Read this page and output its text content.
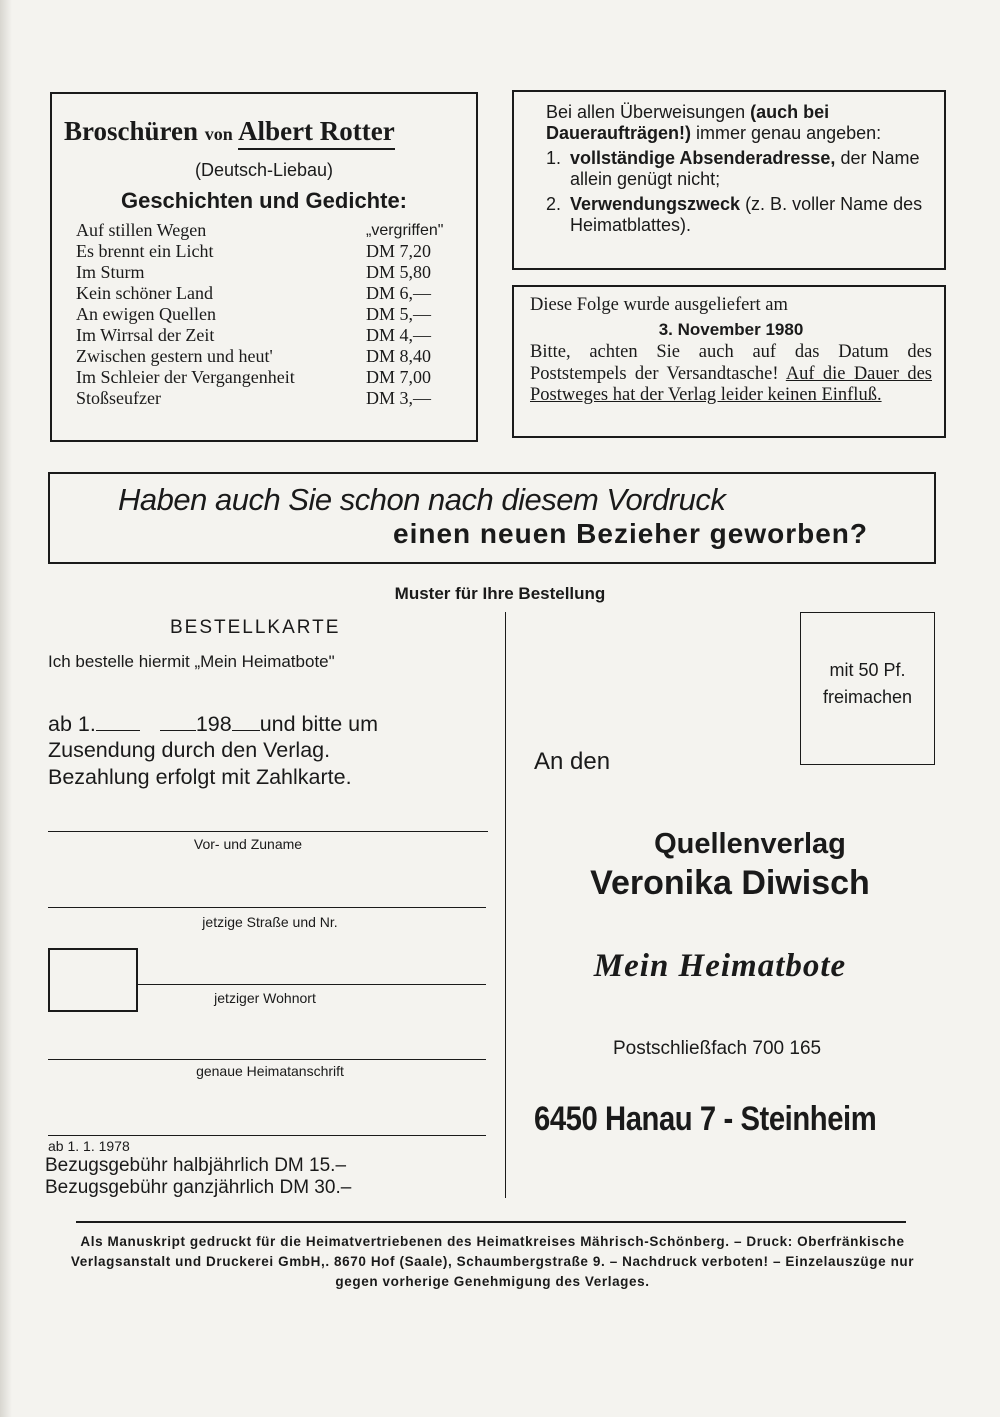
Broschüren von Albert Rotter
(Deutsch-Liebau)
Geschichten und Gedichte:
Auf stillen Wegen	„vergriffen"
Es brennt ein Licht	DM 7,20
Im Sturm	DM 5,80
Kein schöner Land	DM 6,—
An ewigen Quellen	DM 5,—
Im Wirrsal der Zeit	DM 4,—
Zwischen gestern und heut'	DM 8,40
Im Schleier der Vergangenheit	DM 7,00
Stoßseufzer	DM 3,—
Bei allen Überweisungen (auch bei Daueraufträgen!) immer genau angeben:
1. vollständige Absenderadresse, der Name allein genügt nicht;
2. Verwendungszweck (z. B. voller Name des Heimatblattes).
Diese Folge wurde ausgeliefert am
3. November 1980
Bitte, achten Sie auch auf das Datum des Poststempels der Versandtasche! Auf die Dauer des Postweges hat der Verlag leider keinen Einfluß.
Haben auch Sie schon nach diesem Vordruck
einen neuen Bezieher geworben?
Muster für Ihre Bestellung
BESTELLKARTE
Ich bestelle hiermit „Mein Heimatbote"
ab 1.	198 und bitte um
Zusendung durch den Verlag.
Bezahlung erfolgt mit Zahlkarte.
Vor- und Zuname
jetzige Straße und Nr.
jetziger Wohnort
genaue Heimatanschrift
ab 1. 1. 1978
Bezugsgebühr halbjährlich DM 15.–
Bezugsgebühr ganzjährlich DM 30.–
mit 50 Pf.
freimachen
An den
Quellenverlag
Veronika Diwisch
Mein Heimatbote
Postschließfach 700 165
6450 Hanau 7 - Steinheim
Als Manuskript gedruckt für die Heimatvertriebenen des Heimatkreises Mährisch-Schönberg. – Druck: Oberfränkische Verlagsanstalt und Druckerei GmbH,. 8670 Hof (Saale), Schaumbergstraße 9. – Nachdruck verboten! – Einzelauszüge nur gegen vorherige Genehmigung des Verlages.
